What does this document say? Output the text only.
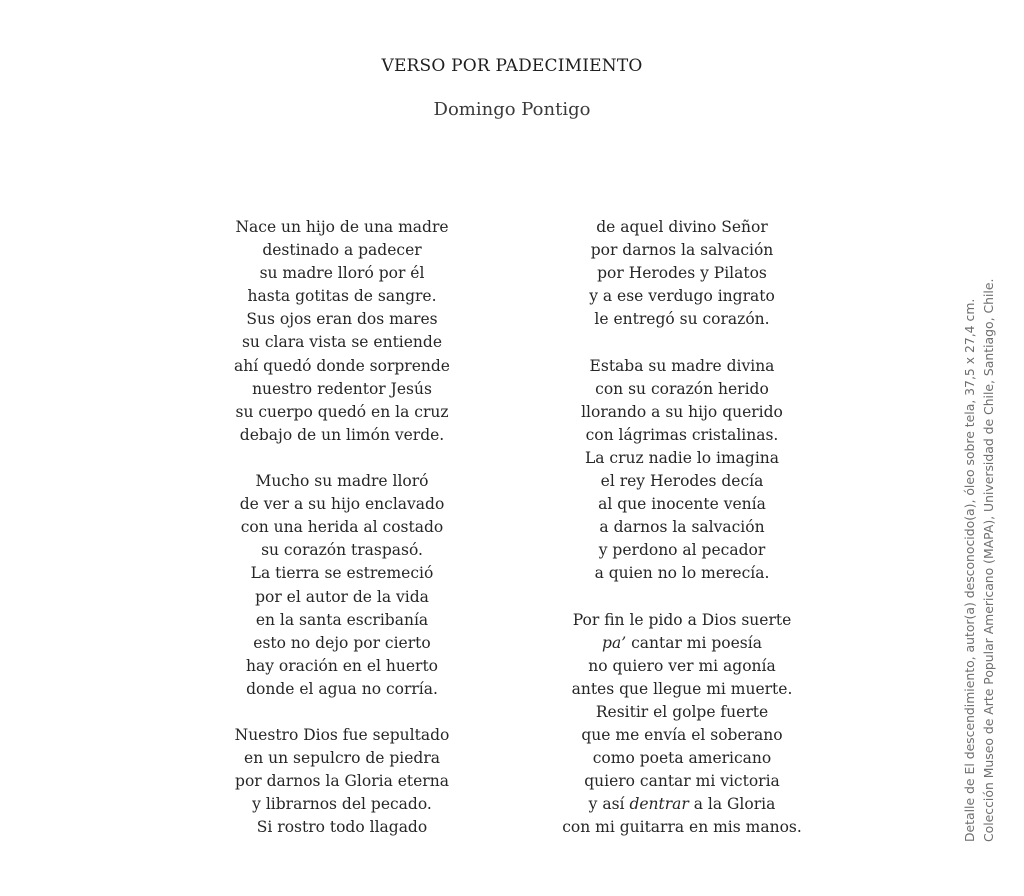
VERSO POR PADECIMIENTO
Domingo Pontigo
Nace un hijo de una madre
destinado a padecer
su madre lloró por él
hasta gotitas de sangre.
Sus ojos eran dos mares
su clara vista se entiende
ahí quedó donde sorprende
nuestro redentor Jesús
su cuerpo quedó en la cruz
debajo de un limón verde.
Mucho su madre lloró
de ver a su hijo enclavado
con una herida al costado
su corazón traspasó.
La tierra se estremeció
por el autor de la vida
en la santa escribanía
esto no dejo por cierto
hay oración en el huerto
donde el agua no corría.
Nuestro Dios fue sepultado
en un sepulcro de piedra
por darnos la Gloria eterna
y librarnos del pecado.
Si rostro todo llagado
de aquel divino Señor
por darnos la salvación
por Herodes y Pilatos
y a ese verdugo ingrato
le entregó su corazón.
Estaba su madre divina
con su corazón herido
llorando a su hijo querido
con lágrimas cristalinas.
La cruz nadie lo imagina
el rey Herodes decía
al que inocente venía
a darnos la salvación
y perdono al pecador
a quien no lo merecía.
Por fin le pido a Dios suerte
pa’ cantar mi poesía
no quiero ver mi agonía
antes que llegue mi muerte.
Resitir el golpe fuerte
que me envía el soberano
como poeta americano
quiero cantar mi victoria
y así dentrar a la Gloria
con mi guitarra en mis manos.	Detalle de El descendimiento, autor(a) desconocido(a), óleo sobre tela, 37,5 x 27,4 cm. Colección Museo de Arte Popular Americano (MAPA), Universidad de Chile, Santiago, Chile.
